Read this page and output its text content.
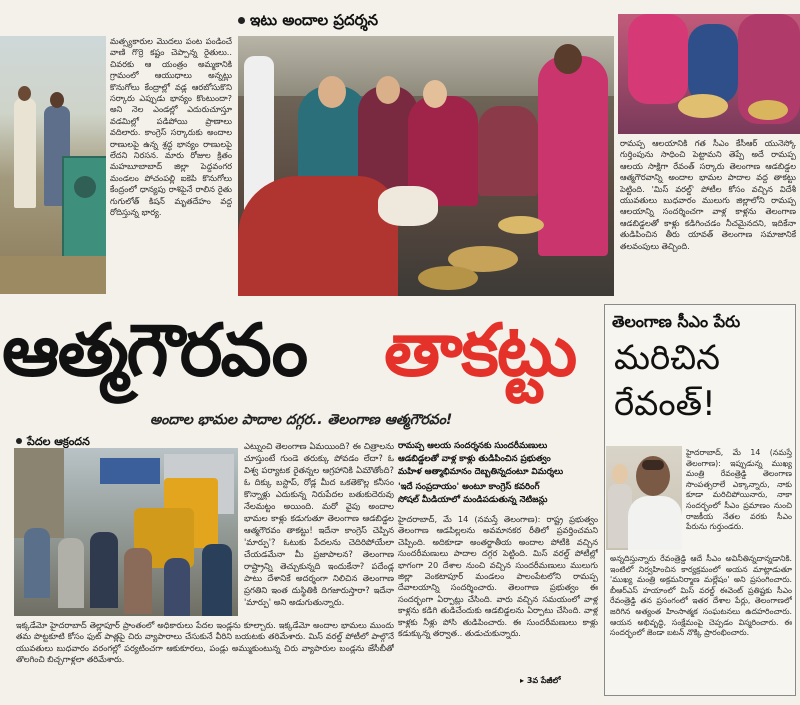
ఇటు అందాల ప్రదర్శన
మత్స్యకారుల మొదలు పంట పండించే వాణి గొర్రె కష్టం చెప్పాన్న రైతులు.. చివరకు ఆ యంత్రం అమ్మకానికి గ్రామంలో ఆయుధాలు అన్నట్లు కొనుగోలు కేంద్రాల్లో వడ్ల ఆరబోసుకొని సర్కారు ఎప్పుడు భాన్యం కొంటుందా? అని నెల ఎండల్లో ఎదురుచూస్తూ వడమిల్లో పడిపోయి ప్రాణాలు వదిలారు. కాంగ్రెస్ సర్కారుకు అందాల రాణులపై ఉన్న శ్రద్ధ భాన్యం రాణులపై లేదని నిరసన. మారు రోజుల క్రితం మహబూబాబాద్ జిల్లా పెద్దవంగర మండలం పోచంపల్లి ఐకెపి కొనుగోలు కేంద్రంలో ధాన్యపు రాశిపైనే రాలిన రైతు గుగులోత్ కిషన్ మృతదేహం వద్ద రోదిస్తున్న భార్య.
రామప్ప ఆలయానికి గత సీఎం కేసీఆర్ యునెస్కో గుర్తింపును సాధించి పెట్టామని తెప్పే అదే రామప్ప ఆలయ సాక్షిగా రేవంత్ సర్కారు తెలంగాణ ఆడబిడ్డల ఆత్మగౌరవాన్ని అందాల భామల పాదాల వద్ద తాకట్టు పెట్టింది. 'మిస్ వరల్డ్' పోటీల కోసం వచ్చిన విదేశీ యువతులు బుధవారం ములుగు జిల్లాలోని రామప్ప ఆలయాన్ని సందర్శించగా వాళ్ల కాళ్లను తెలంగాణ ఆడబిడ్డలతో కాళ్లు కడిగించడం నీచమైనదని, ఇదికేనా తుడిపించిన తీరు యావత్ తెలంగాణ సమాజానికే తలవంపులు తెచ్చింది.
ఆత్మగౌరవం తాకట్టు
అందాల భామల పాదాల దగ్గర.. తెలంగాణ ఆత్మగౌరవం!
తెలంగాణ సీఎం పేరు
మరిచిన
రేవంత్!
హైదరాబాద్, మే 14 (నమస్తే తెలంగాణ): ఇప్పుడున్న ముఖ్య మంత్రి రేవంత్రెడ్డి తెలంగాణ సొంపత్సరాలే ఎక్కాన్నారు, నాకు కూడా మరిచిపోయినారు, నాకా సందర్భంలో సీఎం ప్రమాణం నుంచి రాజకీయ నేతల వరకు సీఎం పేరును గుర్తుండరు.
అన్నదిస్తున్నారు రేవంత్రెడ్డి ఆదే సీఎం అవినీతిన్నదాన్నడానికి. ఇంటిలో నిర్వహించిన కార్యక్రమంలో అయన మాట్లాడుతూ 'ముఖ్య మంత్రి అక్రమనిర్మాణ మల్లేషం' అని ప్రసంగించారు. బీఆర్ఎస్ హయాంలో మిస్ వరల్డ్ ఈవెంట్ ప్రతిష్టకు సీఎం రేవంత్రెడ్డి తన ప్రసంగంలో ఇతర దేశాల పేర్లు, తెలంగాణలో జరిగిన అత్యంత హింసాత్మక సంఘటనలు ఉదహరించారు. ఆయన అభివృద్ధి, సంక్షేమంపై చెప్పడం విస్మరించారు. ఈ సందర్భంలో జెండా బటన్ నొక్కి ప్రారంభించారు.
పేదల ఆక్రందన
ఇక్కడేమో హైదరాబాద్ తెల్లాపూర్ ప్రాంతంలో అధికారులు పేదల ఇండ్లను కూల్చారు. ఇక్కడేమో అందాల భామలు ముందు తమ పొట్టకూటి కోసం ఫుట్ పాత్లపై చిరు వ్యాపారాలు చేసుకునే వీరిని బయటకు తరిమేశారు. మిస్ వరల్డ్ పోటీలో పాల్గొనే యువతులు బుధవారం వరంగల్లో పర్యటించగా ఆకుకూరలు, పండ్లు అమ్ముకుంటున్న చిరు వ్యాపారుల బండ్లను జేసీబీతో తొలగించి బిచ్చగాళ్లలా తరిమేశారు.
ఎట్నుంచి తెలంగాణ ఏమయింది? ఈ చిత్రాలను చూస్తుంటే గుండె తరుక్కు పోవడం లేదా? ఓ విశ్వ పర్యాటక రైతన్నల ఆగ్రహానికి ఏమౌతోంది? ఓ దిక్కు బస్టాప్, రోడ్ల మీద ఒకతెకొల్ల కనీసం కొన్నాళ్లు ఎదుకున్న నిరుపేదల బతుకుదెరువు నేలమట్టం అయింది. మరో వైపు అందాల భామల కాళ్లు కడుగుతూ తెలంగాణ ఆడబిడ్డల ఆత్మగౌరవం తాకట్టు! ఇదేనా కాంగ్రెస్ చెప్పిన 'మార్పు'? ఓటుకు పేదలను చెదిరిపోయేలా చేయడమేనా మీ ప్రజాపాలన? తెలంగాణ రాష్ట్రాన్ని తెచ్చుకున్నది ఇందుకేనా? పదేండ్ల పాటు దేశానికే అదర్శంగా నిలిచిన తెలంగాణ ప్రగతిని ఇంత దుస్థితికి దిగజారుస్తారా? ఇదేనా 'మార్పు' అని అడుగుతున్నారు.
రామప్ప ఆలయ సందర్శనకు సుందరీమణులు
ఆడబిడ్డలతో వాళ్ల కాళ్లు తుడిపించిన ప్రభుత్వం
మహిళ ఆత్మాభిమానం దెబ్బతిన్నదంటూ విమర్శలు
'ఇదే సంప్రదాయం' అంటూ కాంగ్రెస్ కవరింగ్
సోషల్ మీడియాలో మండిపడుతున్న నెటిజన్లు
హైదరాబాద్, మే 14 (నమస్తే తెలంగాణ): రాష్ట్ర ప్రభుత్వం తెలంగాణ ఆడపిల్లలను అవమానకర రీతిలో ప్రవర్తించమని చెప్పింది. అదికూడా అంతర్జాతీయ అందాల పోటీకి వచ్చిన సుందరీమణులు పాదాల దగ్గర పెట్టింది. మిస్ వరల్డ్ పోటీల్లో భాగంగా 20 దేశాల నుంచి వచ్చిన సుందరీమణులు ములుగు జిల్లా వెంకటాపూర్ మండలం పాలంపేటలోని రామప్ప దేవాలయాన్ని సందర్శించారు. తెలంగాణ ప్రభుత్వం ఈ సందర్భంగా ఏర్పాట్లు చేసింది. వారు వచ్చిన సమయంలో వాళ్ల కాళ్లను కడిగి తుడిచేందుకు ఆడబిడ్డలను ఏర్పాటు చేసింది. వాళ్ల కాళ్లకు నీళ్లు పోసి తుడిపించారు. ఈ సుందరీమణులు కాళ్లు కడుక్కున్న తర్వాత.. తుడుచుకున్నారు.
▸ 3వ పేజీలో
